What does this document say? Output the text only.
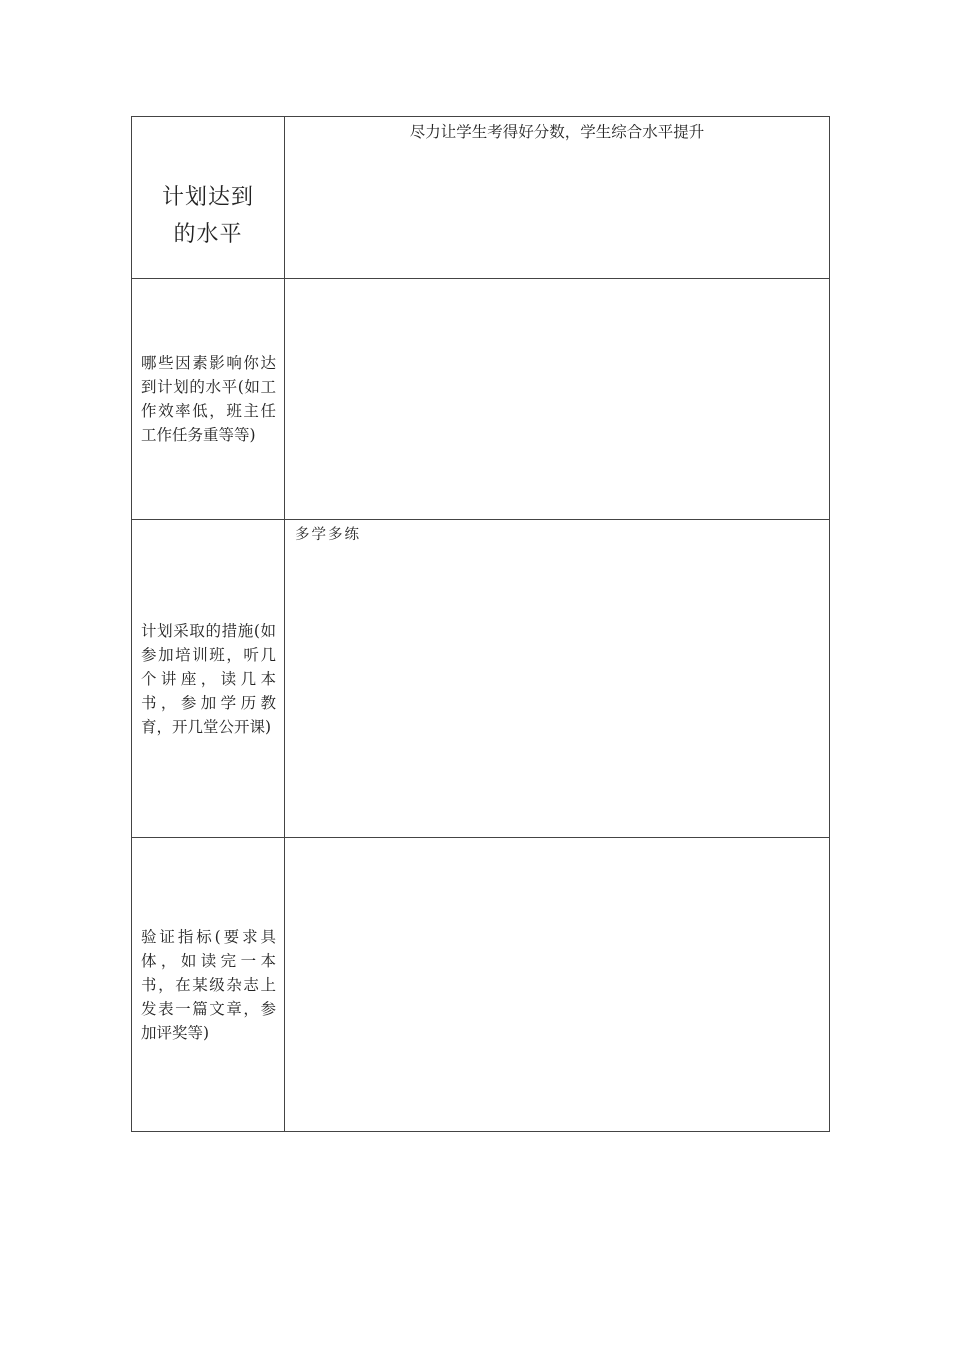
计划达到
的水平	尽力让学生考得好分数，学生综合水平提升

哪些因素影响你达到计划的水平(如工作效率低，班主任工作任务重等等)	

计划采取的措施(如参加培训班，听几个讲座，读几本书，参加学历教育，开几堂公开课)	多学多练

验证指标(要求具体，如读完一本书，在某级杂志上发表一篇文章，参加评奖等)	
